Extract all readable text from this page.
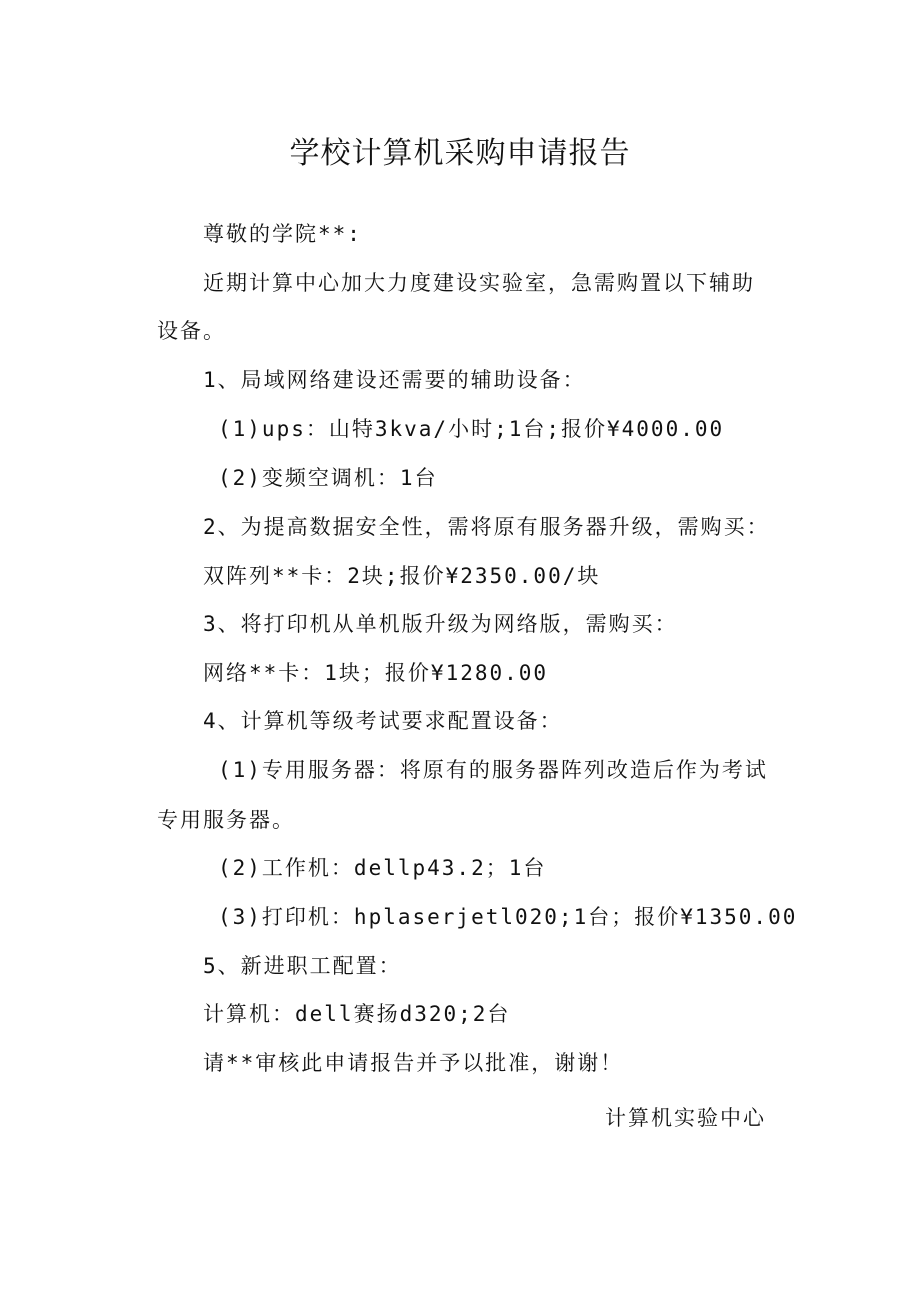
学校计算机采购申请报告
尊敬的学院**:
近期计算中心加大力度建设实验室，急需购置以下辅助
设备。
1、局域网络建设还需要的辅助设备：
(1)ups：山特3kva/小时;1台;报价¥4000.00
(2)变频空调机：1台
2、为提高数据安全性，需将原有服务器升级，需购买：
双阵列**卡：2块;报价¥2350.00/块
3、将打印机从单机版升级为网络版，需购买：
网络**卡：1块；报价¥1280.00
4、计算机等级考试要求配置设备：
(1)专用服务器：将原有的服务器阵列改造后作为考试
专用服务器。
(2)工作机：dellp43.2；1台
(3)打印机：hplaserjetl020;1台；报价¥1350.00
5、新进职工配置：
计算机：dell赛扬d320;2台
请**审核此申请报告并予以批准，谢谢！
计算机实验中心
